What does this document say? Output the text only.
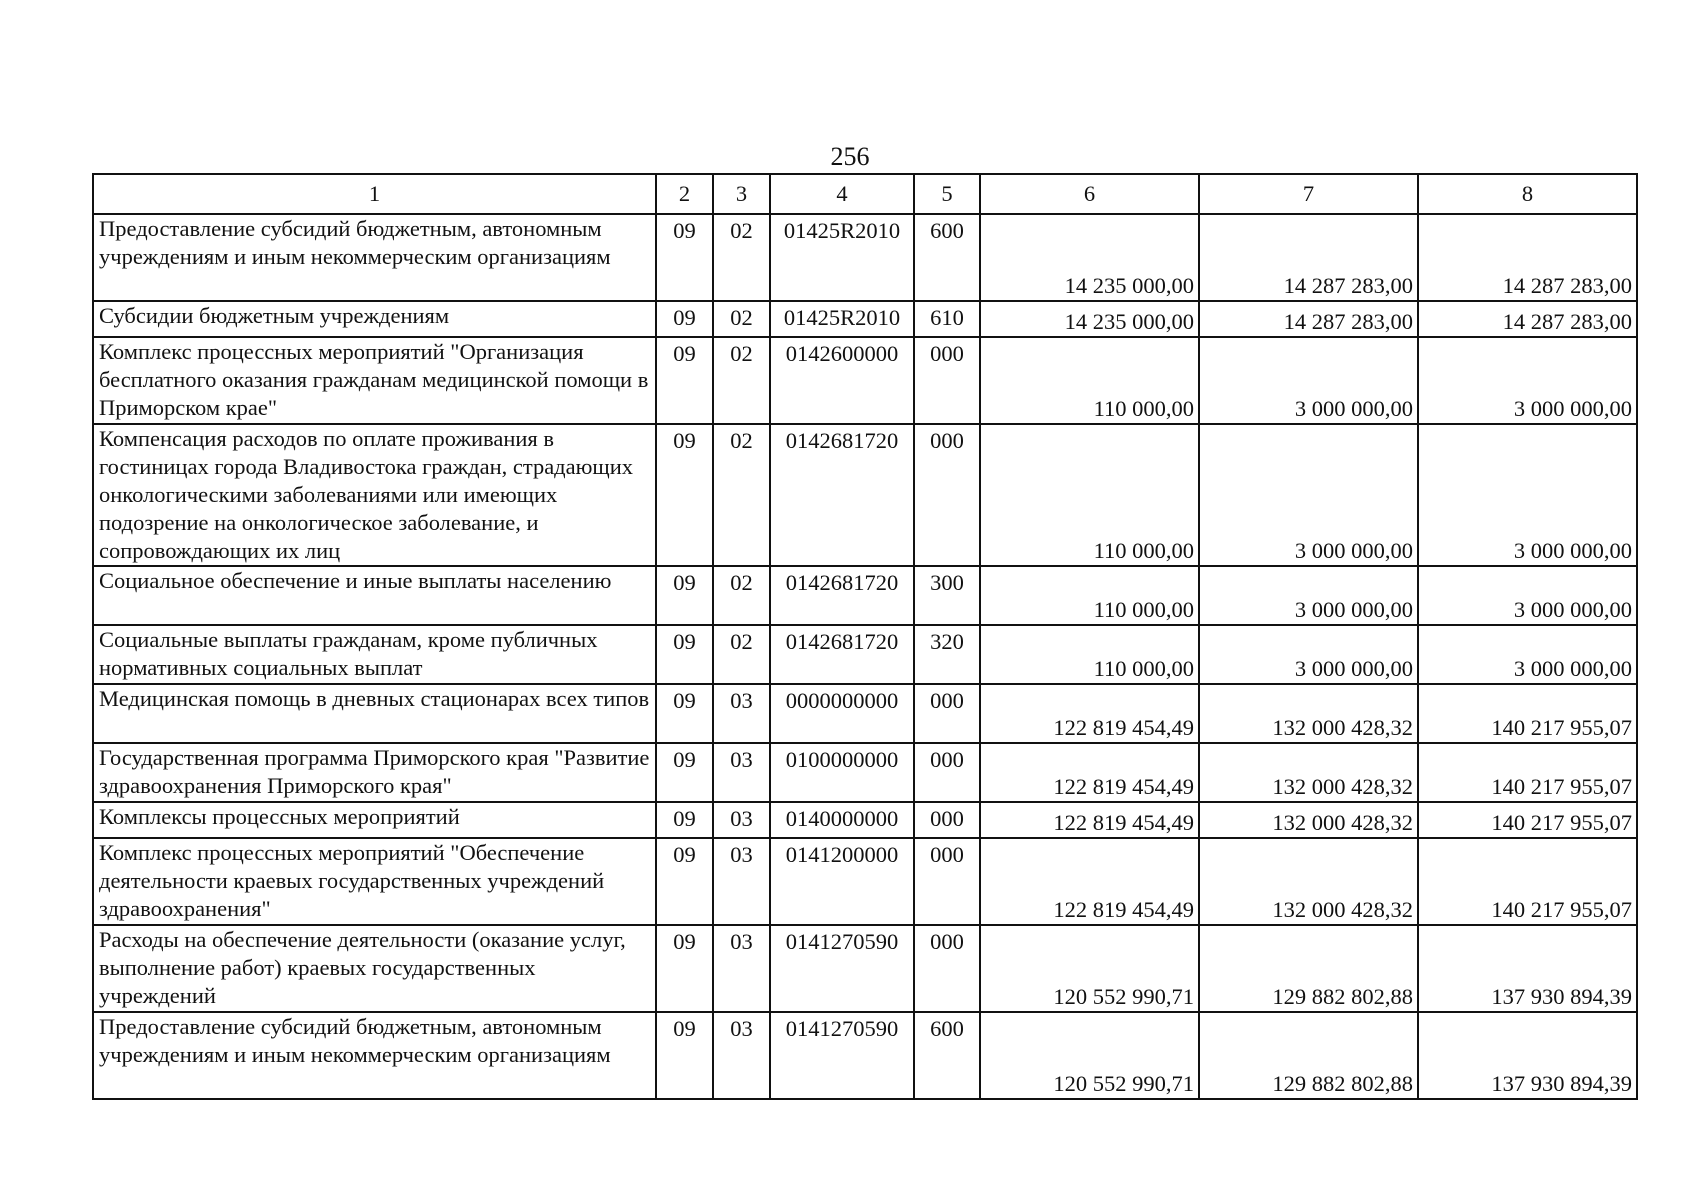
256
1	2	3	4	5	6	7	8
Предоставление субсидий бюджетным, автономным учреждениям и иным некоммерческим организациям	09	02	01425R2010	600	14 235 000,00	14 287 283,00	14 287 283,00
Субсидии бюджетным учреждениям	09	02	01425R2010	610	14 235 000,00	14 287 283,00	14 287 283,00
Комплекс процессных мероприятий "Организация бесплатного оказания гражданам медицинской помощи в Приморском крае"	09	02	0142600000	000	110 000,00	3 000 000,00	3 000 000,00
Компенсация расходов по оплате проживания в гостиницах города Владивостока граждан, страдающих онкологическими заболеваниями или имеющих подозрение на онкологическое заболевание, и сопровождающих их лиц	09	02	0142681720	000	110 000,00	3 000 000,00	3 000 000,00
Социальное обеспечение и иные выплаты населению	09	02	0142681720	300	110 000,00	3 000 000,00	3 000 000,00
Социальные выплаты гражданам, кроме публичных нормативных социальных выплат	09	02	0142681720	320	110 000,00	3 000 000,00	3 000 000,00
Медицинская помощь в дневных стационарах всех типов	09	03	0000000000	000	122 819 454,49	132 000 428,32	140 217 955,07
Государственная программа Приморского края "Развитие здравоохранения Приморского края"	09	03	0100000000	000	122 819 454,49	132 000 428,32	140 217 955,07
Комплексы процессных мероприятий	09	03	0140000000	000	122 819 454,49	132 000 428,32	140 217 955,07
Комплекс процессных мероприятий "Обеспечение деятельности краевых государственных учреждений здравоохранения"	09	03	0141200000	000	122 819 454,49	132 000 428,32	140 217 955,07
Расходы на обеспечение деятельности (оказание услуг, выполнение работ) краевых государственных учреждений	09	03	0141270590	000	120 552 990,71	129 882 802,88	137 930 894,39
Предоставление субсидий бюджетным, автономным учреждениям и иным некоммерческим организациям	09	03	0141270590	600	120 552 990,71	129 882 802,88	137 930 894,39
